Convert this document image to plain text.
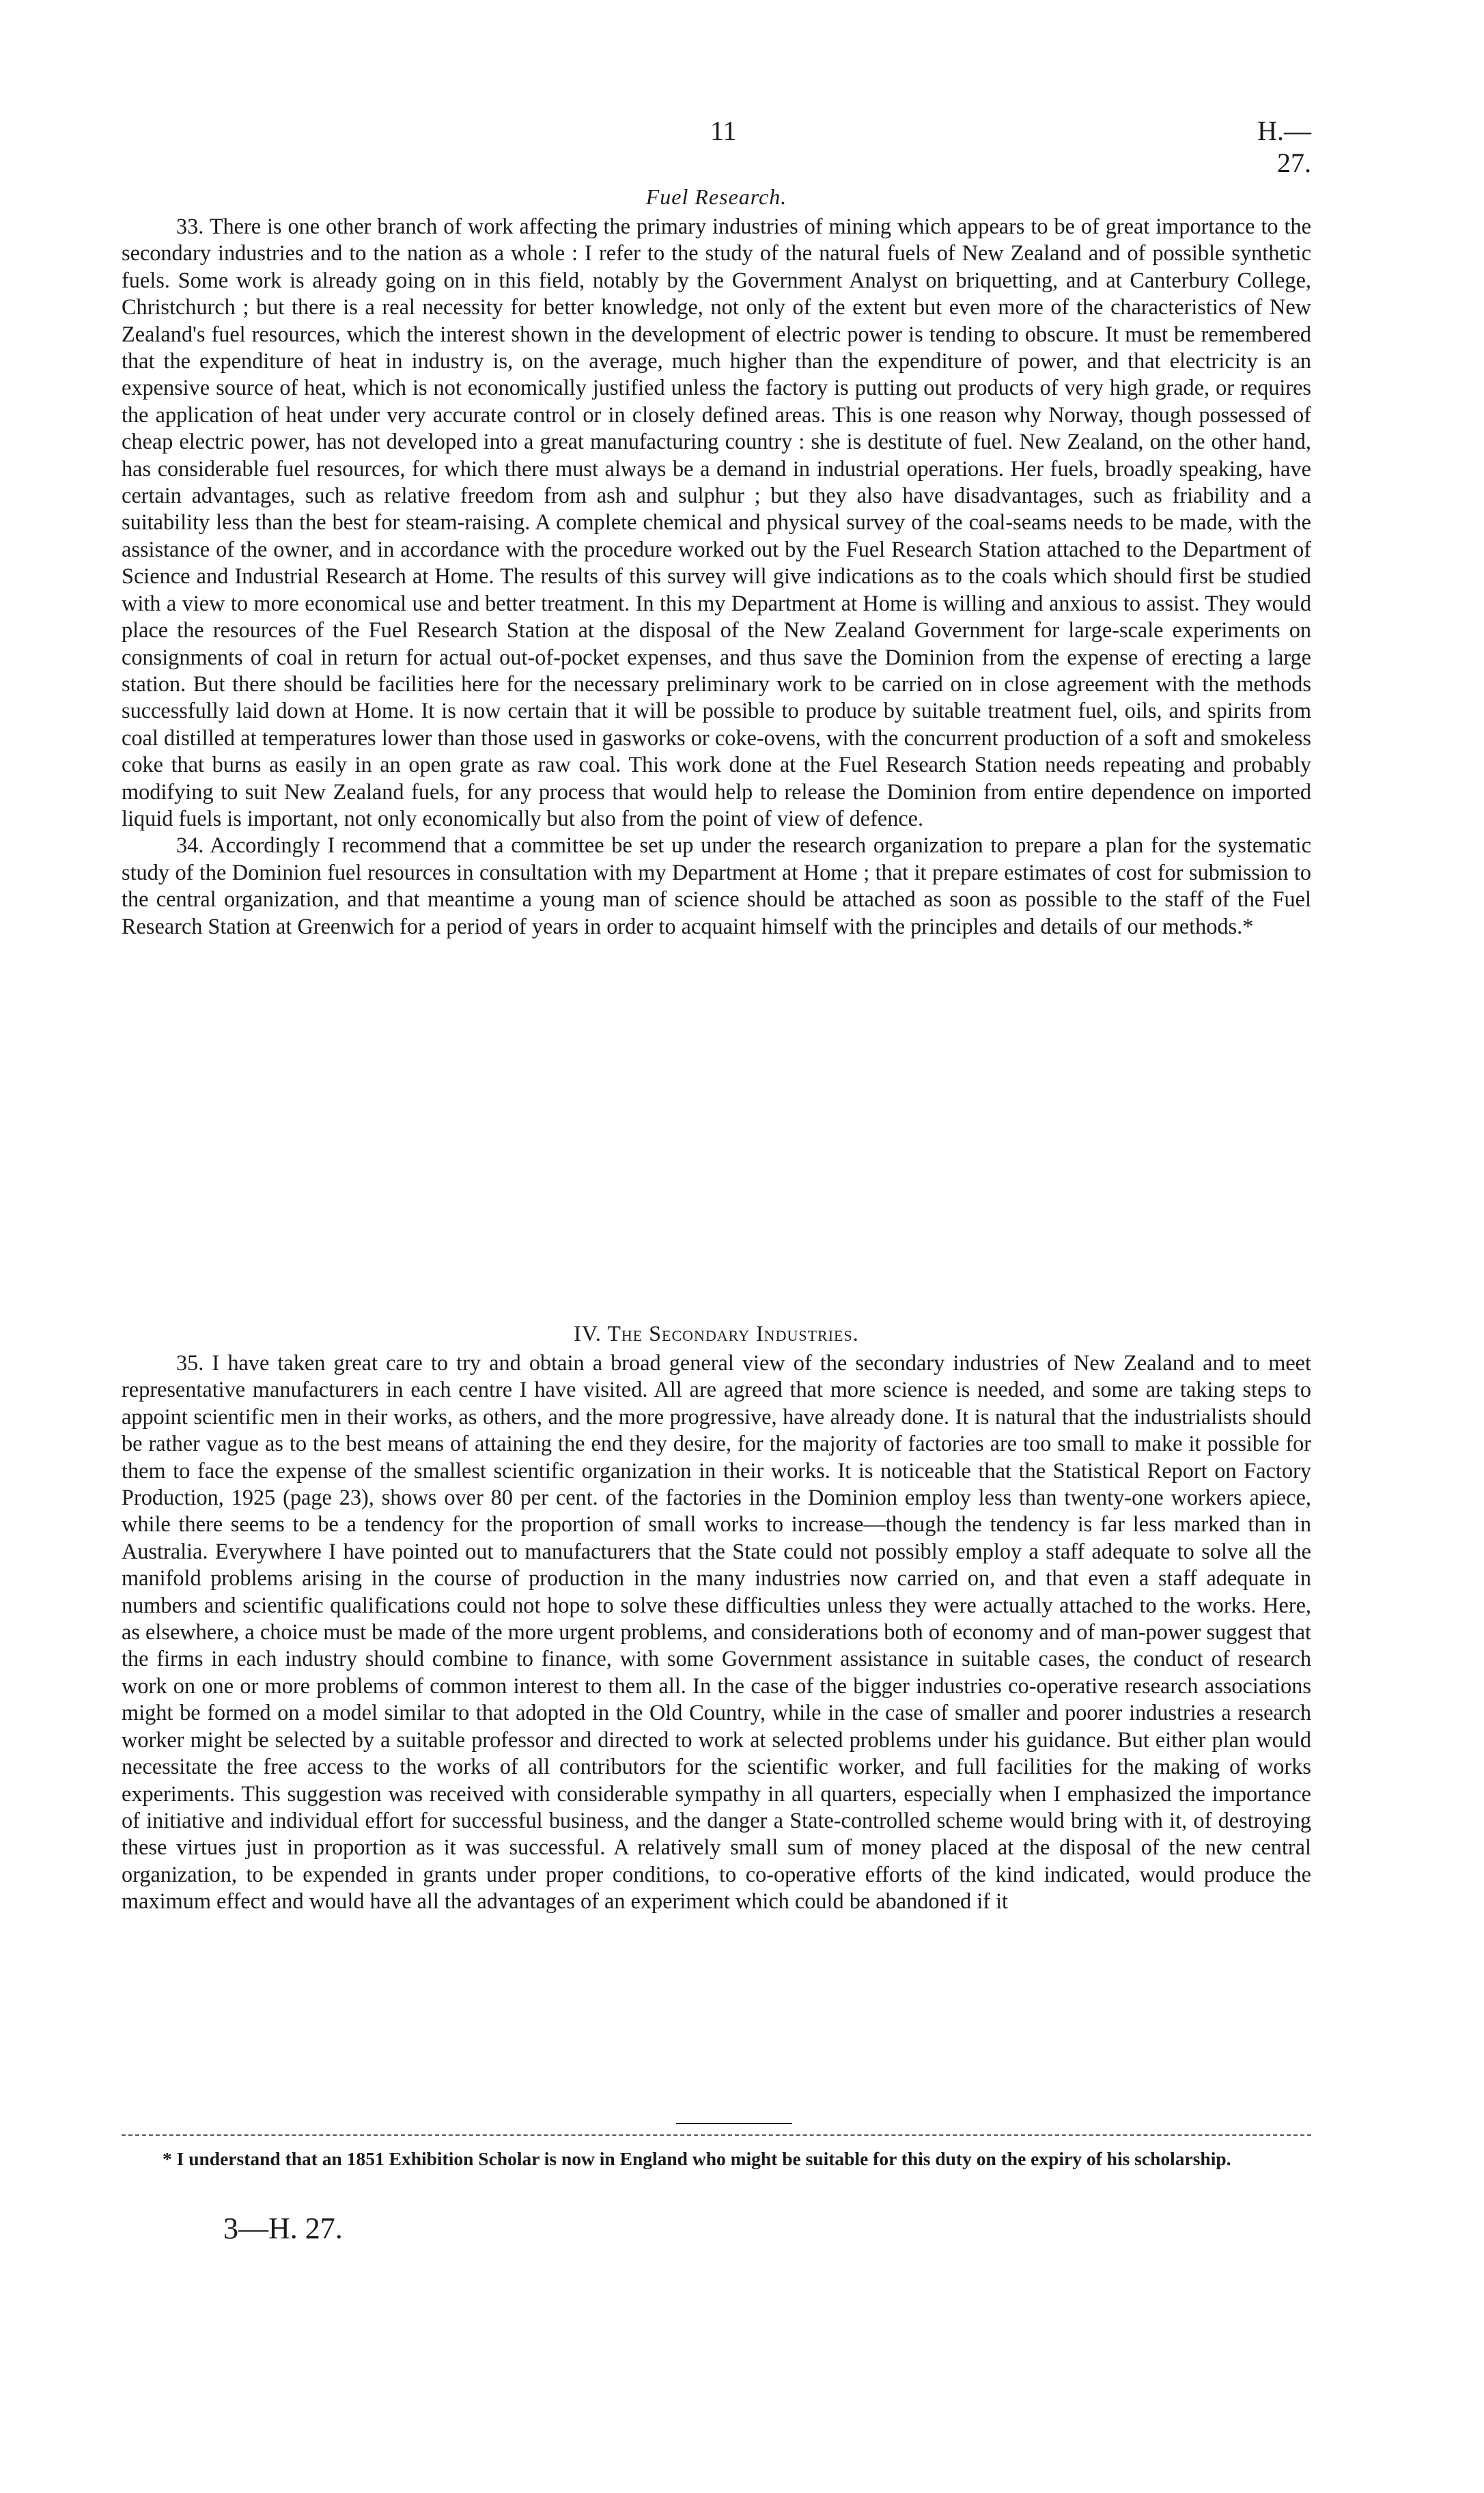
11	H.—27.
Fuel Research.

33. There is one other branch of work affecting the primary industries of mining which appears to be of great importance to the secondary industries and to the nation as a whole : I refer to the study of the natural fuels of New Zealand and of possible synthetic fuels. Some work is already going on in this field, notably by the Government Analyst on briquetting, and at Canterbury College, Christchurch ; but there is a real necessity for better knowledge, not only of the extent but even more of the characteristics of New Zealand's fuel resources, which the interest shown in the development of electric power is tending to obscure. It must be remembered that the expenditure of heat in industry is, on the average, much higher than the expenditure of power, and that electricity is an expensive source of heat, which is not economically justified unless the factory is putting out products of very high grade, or requires the application of heat under very accurate control or in closely defined areas. This is one reason why Norway, though possessed of cheap electric power, has not developed into a great manufacturing country : she is destitute of fuel. New Zealand, on the other hand, has considerable fuel resources, for which there must always be a demand in industrial operations. Her fuels, broadly speaking, have certain advantages, such as relative freedom from ash and sulphur ; but they also have disadvantages, such as friability and a suitability less than the best for steam-raising. A complete chemical and physical survey of the coal-seams needs to be made, with the assistance of the owner, and in accordance with the procedure worked out by the Fuel Research Station attached to the Department of Science and Industrial Research at Home. The results of this survey will give indications as to the coals which should first be studied with a view to more economical use and better treatment. In this my Department at Home is willing and anxious to assist. They would place the resources of the Fuel Research Station at the disposal of the New Zealand Government for large-scale experiments on consignments of coal in return for actual out-of-pocket expenses, and thus save the Dominion from the expense of erecting a large station. But there should be facilities here for the necessary preliminary work to be carried on in close agreement with the methods successfully laid down at Home. It is now certain that it will be possible to produce by suitable treatment fuel, oils, and spirits from coal distilled at temperatures lower than those used in gasworks or coke-ovens, with the concurrent production of a soft and smokeless coke that burns as easily in an open grate as raw coal. This work done at the Fuel Research Station needs repeating and probably modifying to suit New Zealand fuels, for any process that would help to release the Dominion from entire dependence on imported liquid fuels is important, not only economically but also from the point of view of defence.

34. Accordingly I recommend that a committee be set up under the research organization to prepare a plan for the systematic study of the Dominion fuel resources in consultation with my Department at Home ; that it prepare estimates of cost for submission to the central organization, and that meantime a young man of science should be attached as soon as possible to the staff of the Fuel Research Station at Greenwich for a period of years in order to acquaint himself with the principles and details of our methods.*

IV. The Secondary Industries.

35. I have taken great care to try and obtain a broad general view of the secondary industries of New Zealand and to meet representative manufacturers in each centre I have visited. All are agreed that more science is needed, and some are taking steps to appoint scientific men in their works, as others, and the more progressive, have already done. It is natural that the industrialists should be rather vague as to the best means of attaining the end they desire, for the majority of factories are too small to make it possible for them to face the expense of the smallest scientific organization in their works. It is noticeable that the Statistical Report on Factory Production, 1925 (page 23), shows over 80 per cent. of the factories in the Dominion employ less than twenty-one workers apiece, while there seems to be a tendency for the proportion of small works to increase—though the tendency is far less marked than in Australia. Everywhere I have pointed out to manufacturers that the State could not possibly employ a staff adequate to solve all the manifold problems arising in the course of production in the many industries now carried on, and that even a staff adequate in numbers and scientific qualifications could not hope to solve these difficulties unless they were actually attached to the works. Here, as elsewhere, a choice must be made of the more urgent problems, and considerations both of economy and of man-power suggest that the firms in each industry should combine to finance, with some Government assistance in suitable cases, the conduct of research work on one or more problems of common interest to them all. In the case of the bigger industries co-operative research associations might be formed on a model similar to that adopted in the Old Country, while in the case of smaller and poorer industries a research worker might be selected by a suitable professor and directed to work at selected problems under his guidance. But either plan would necessitate the free access to the works of all contributors for the scientific worker, and full facilities for the making of works experiments. This suggestion was received with considerable sympathy in all quarters, especially when I emphasized the importance of initiative and individual effort for successful business, and the danger a State-controlled scheme would bring with it, of destroying these virtues just in proportion as it was successful. A relatively small sum of money placed at the disposal of the new central organization, to be expended in grants under proper conditions, to co-operative efforts of the kind indicated, would produce the maximum effect and would have all the advantages of an experiment which could be abandoned if it

* I understand that an 1851 Exhibition Scholar is now in England who might be suitable for this duty on the expiry of his scholarship.
3—H. 27.
